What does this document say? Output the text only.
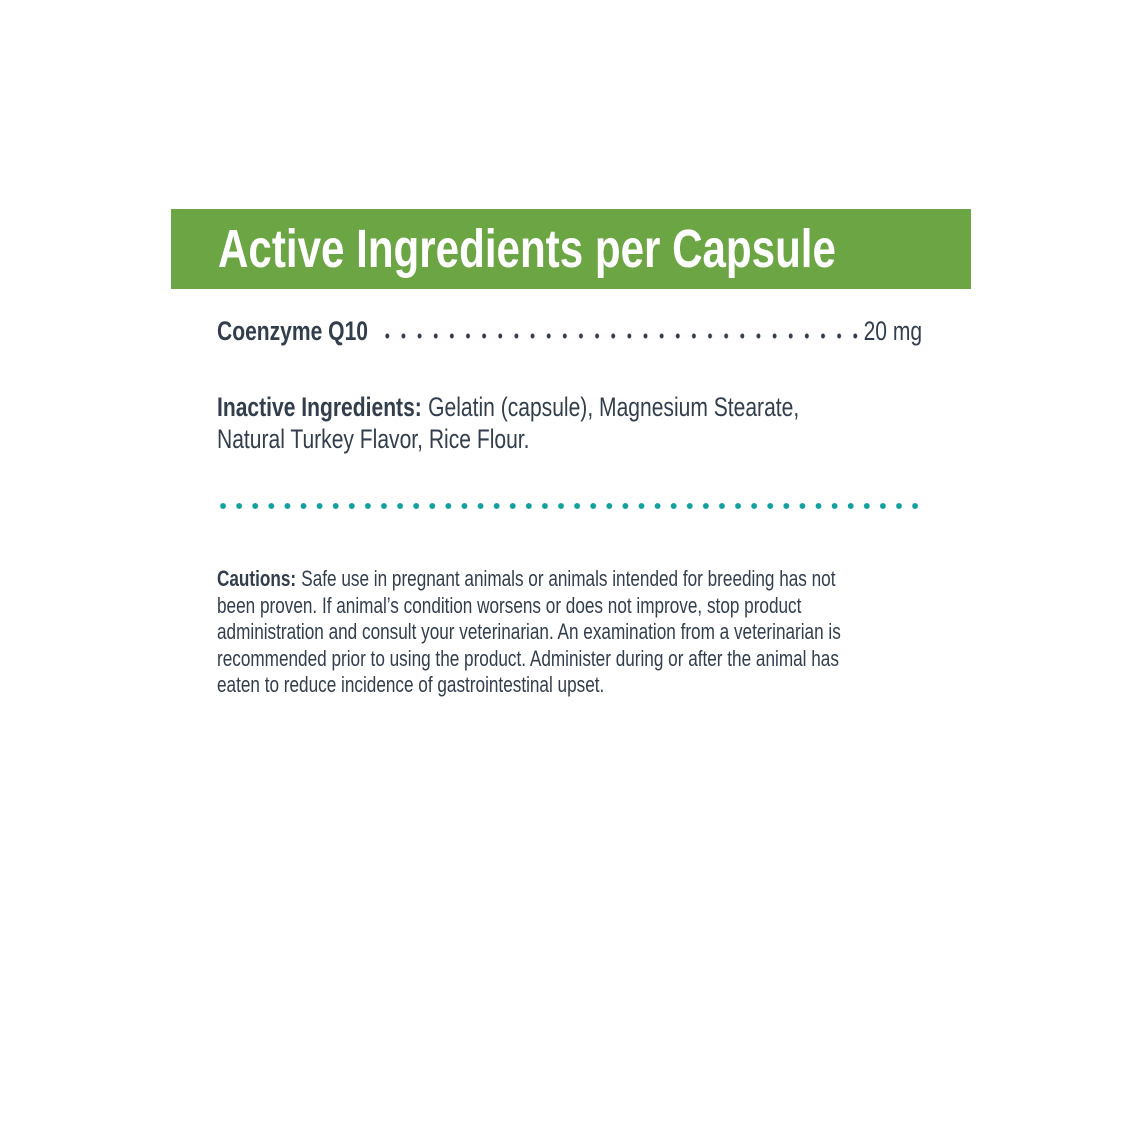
Active Ingredients per Capsule
Coenzyme Q10	20 mg
Inactive Ingredients: Gelatin (capsule), Magnesium Stearate,
Natural Turkey Flavor, Rice Flour.
Cautions: Safe use in pregnant animals or animals intended for breeding has not
been proven. If animal’s condition worsens or does not improve, stop product
administration and consult your veterinarian. An examination from a veterinarian is
recommended prior to using the product. Administer during or after the animal has
eaten to reduce incidence of gastrointestinal upset.
